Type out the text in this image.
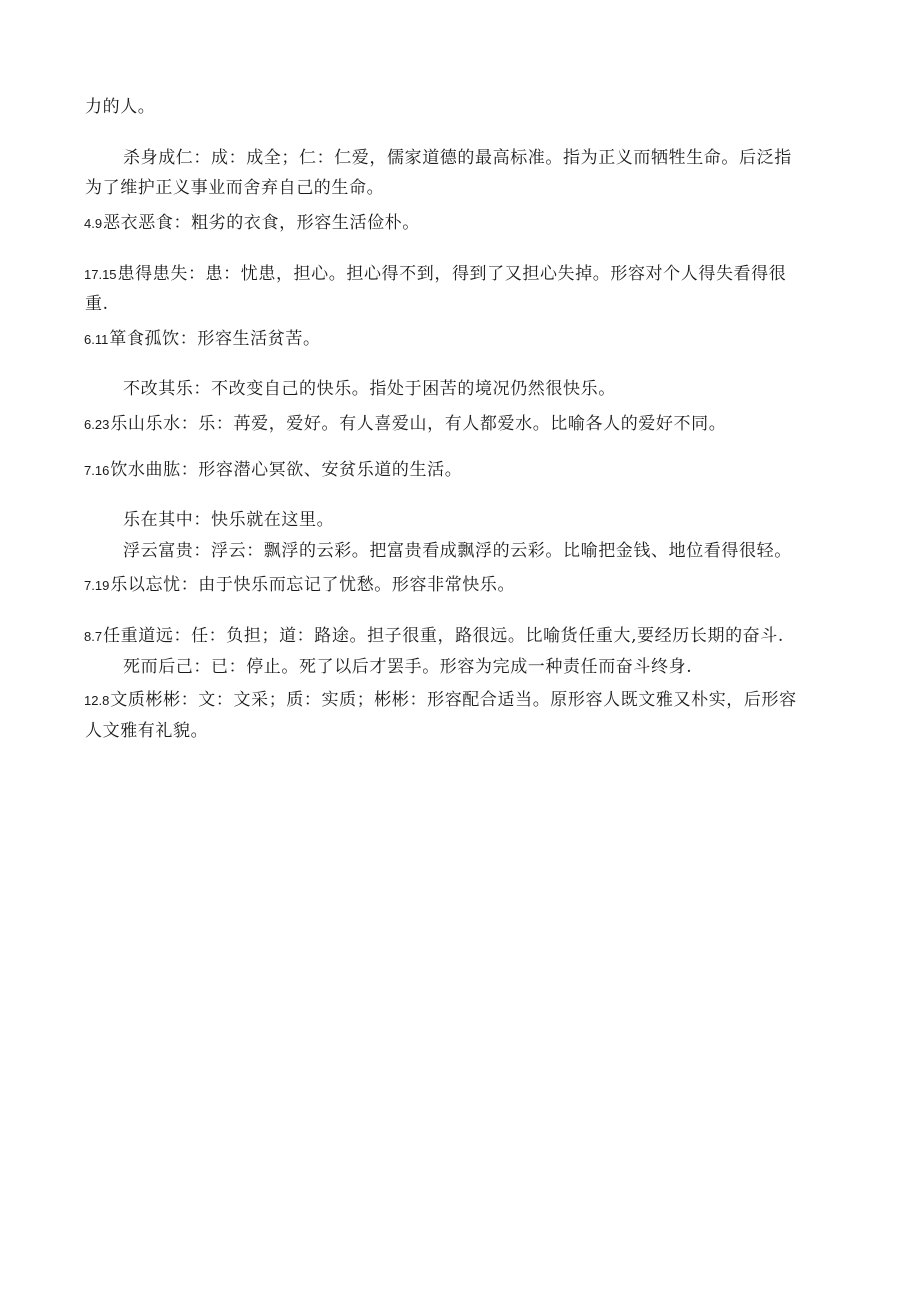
力的人。
杀身成仁：成：成全；仁：仁爱，儒家道德的最高标准。指为正义而牺牲生命。后泛指
为了维护正义事业而舍弃自己的生命。
4.9恶衣恶食：粗劣的衣食，形容生活俭朴。
17.15患得患失：患：忧患，担心。担心得不到，得到了又担心失掉。形容对个人得失看得很
重.
6.11箪食孤饮：形容生活贫苦。
不改其乐：不改变自己的快乐。指处于困苦的境况仍然很快乐。
6.23乐山乐水：乐：苒爱，爱好。有人喜爱山，有人都爱水。比喻各人的爱好不同。
7.16饮水曲肱：形容潜心冥欲、安贫乐道的生活。
乐在其中：快乐就在这里。
浮云富贵：浮云：飘浮的云彩。把富贵看成飘浮的云彩。比喻把金钱、地位看得很轻。
7.19乐以忘忧：由于快乐而忘记了忧愁。形容非常快乐。
8.7任重道远：任：负担；道：路途。担子很重，路很远。比喻货任重大,要经历长期的奋斗.
死而后己：已：停止。死了以后才罢手。形容为完成一种责任而奋斗终身.
12.8文质彬彬：文：文采；质：实质；彬彬：形容配合适当。原形容人既文雅又朴实，后形容
人文雅有礼貌。
